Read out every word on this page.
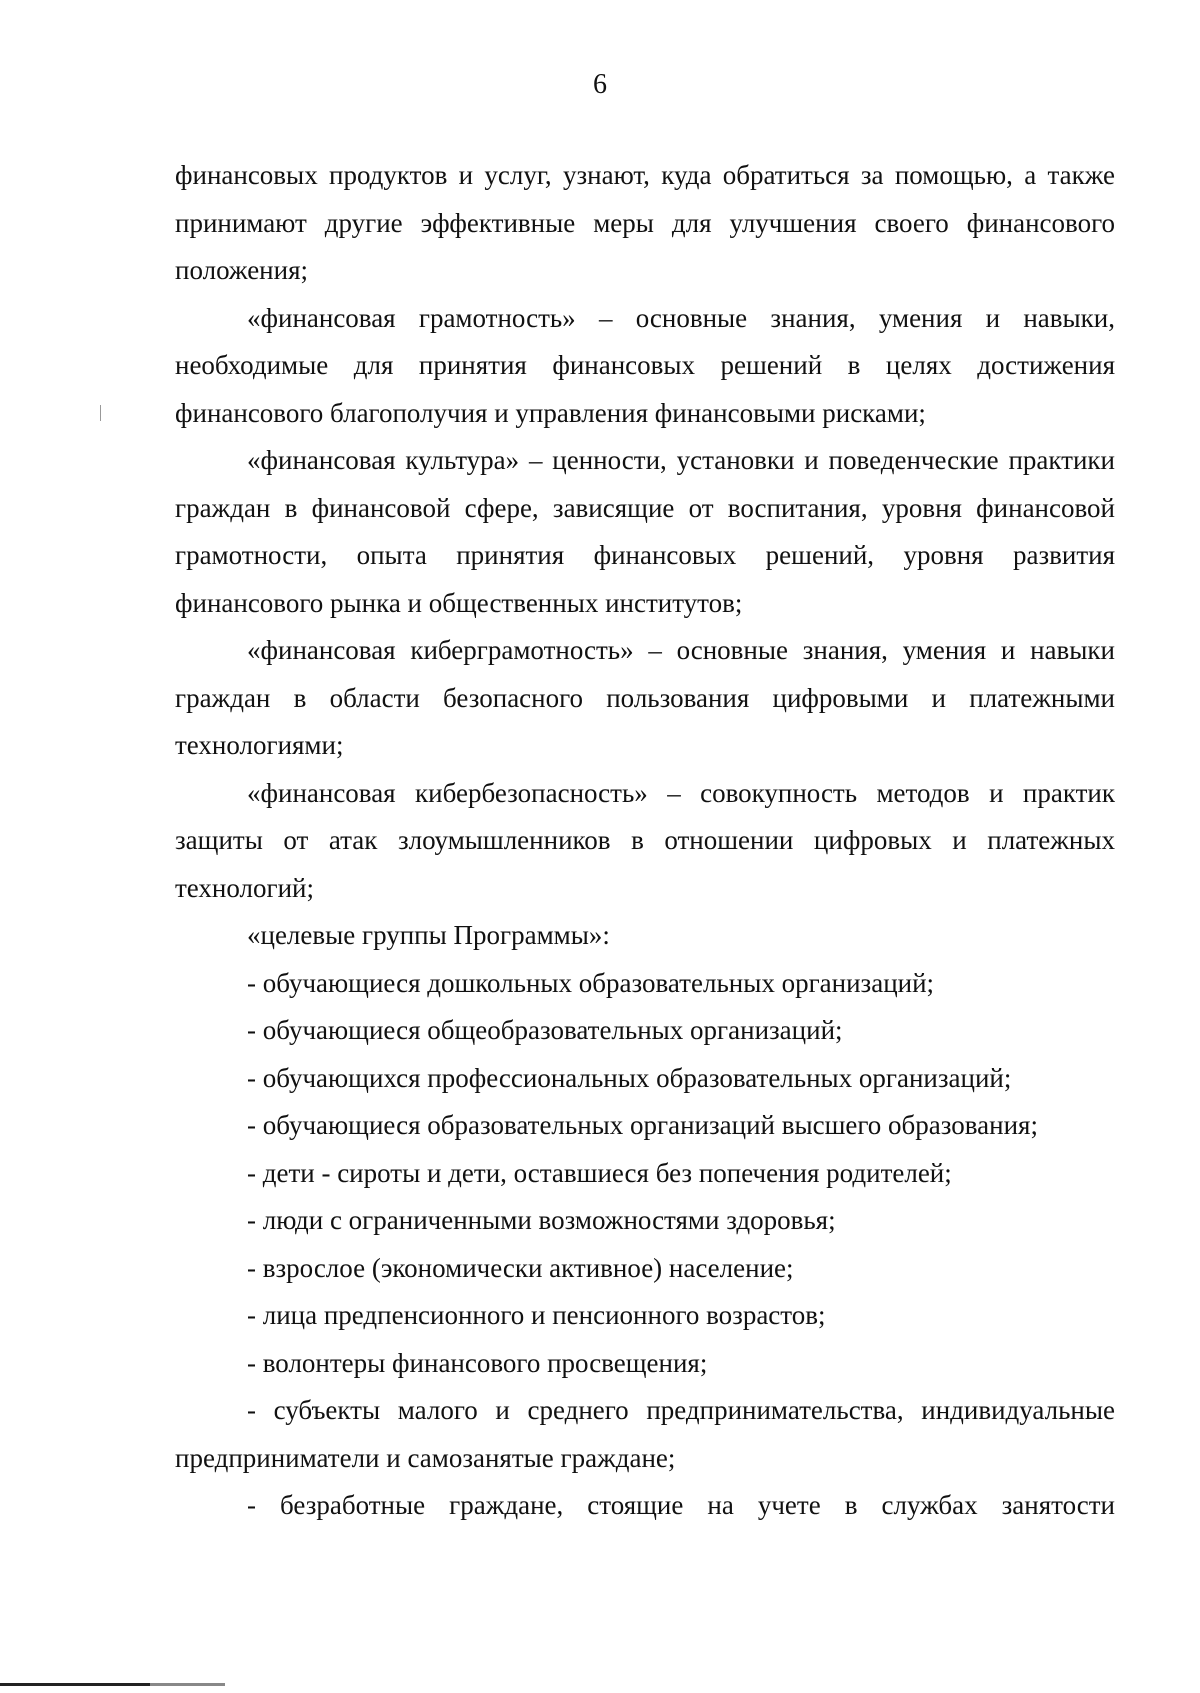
6

финансовых продуктов и услуг, узнают, куда обратиться за помощью, а также принимают другие эффективные меры для улучшения своего финансового положения;

«финансовая грамотность» – основные знания, умения и навыки, необходимые для принятия финансовых решений в целях достижения финансового благополучия и управления финансовыми рисками;

«финансовая культура» – ценности, установки и поведенческие практики граждан в финансовой сфере, зависящие от воспитания, уровня финансовой грамотности, опыта принятия финансовых решений, уровня развития финансового рынка и общественных институтов;

«финансовая киберграмотность» – основные знания, умения и навыки граждан в области безопасного пользования цифровыми и платежными технологиями;

«финансовая кибербезопасность» – совокупность методов и практик защиты от атак злоумышленников в отношении цифровых и платежных технологий;

«целевые группы Программы»:

- обучающиеся дошкольных образовательных организаций;

- обучающиеся общеобразовательных организаций;

- обучающихся профессиональных образовательных организаций;

- обучающиеся образовательных организаций высшего образования;

- дети - сироты и дети, оставшиеся без попечения родителей;

- люди с ограниченными возможностями здоровья;

- взрослое (экономически активное) население;

- лица предпенсионного и пенсионного возрастов;

- волонтеры финансового просвещения;

- субъекты малого и среднего предпринимательства, индивидуальные предприниматели и самозанятые граждане;

- безработные граждане, стоящие на учете в службах занятости
